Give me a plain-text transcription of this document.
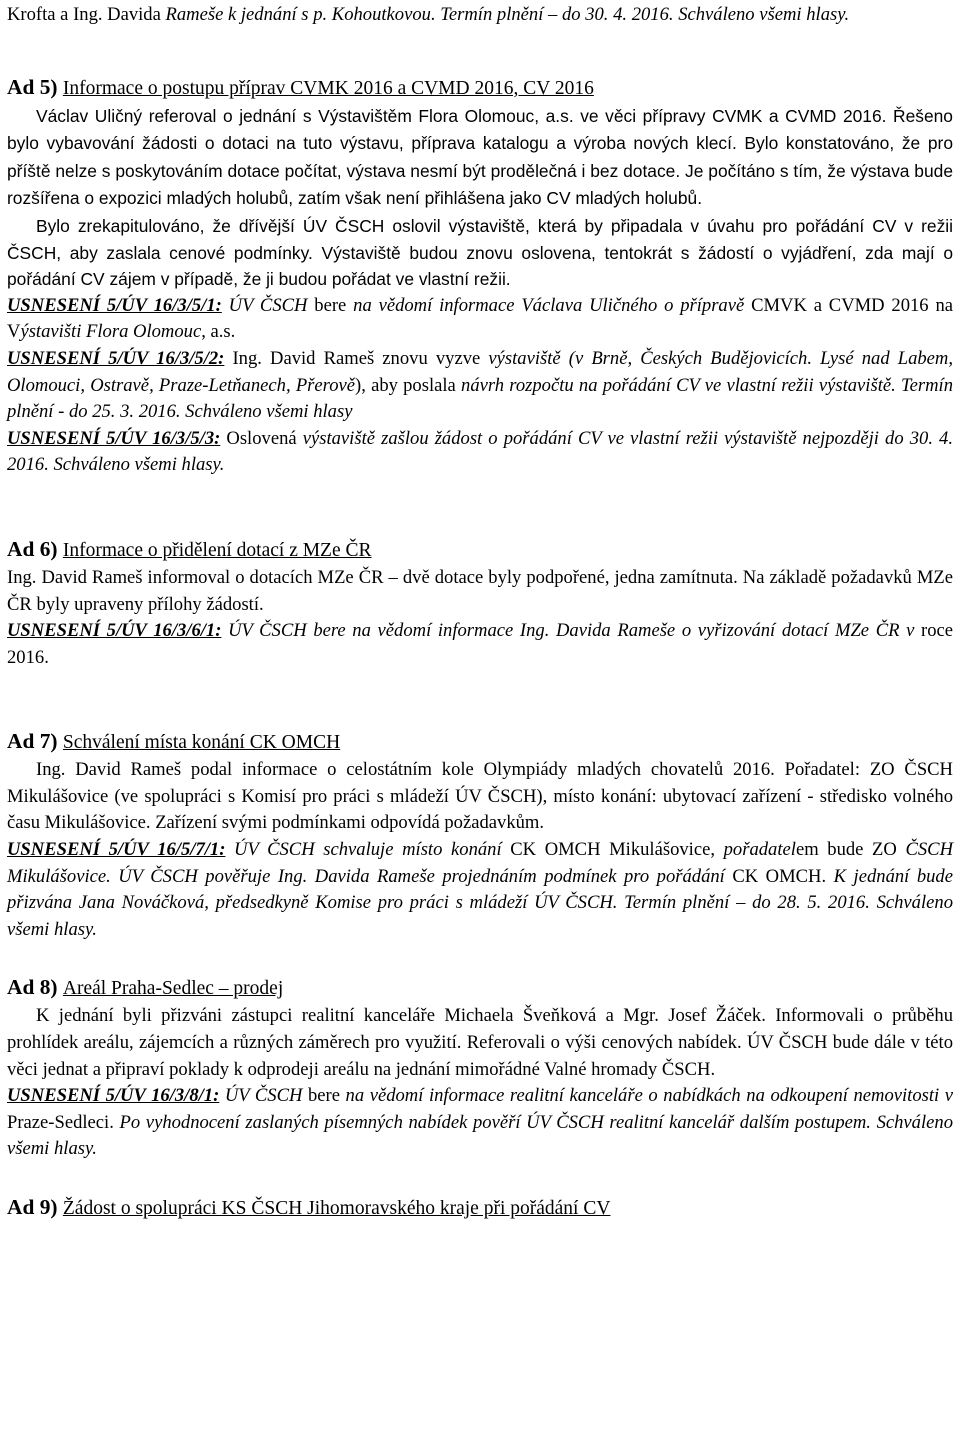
Krofta a Ing. Davida Rameše k jednání s p. Kohoutkovou. Termín plnění – do 30. 4. 2016. Schváleno všemi hlasy.

Ad 5) Informace o postupu příprav CVMK 2016 a CVMD 2016, CV 2016

Václav Uličný referoval o jednání s Výstavištěm Flora Olomouc, a.s. ve věci přípravy CVMK a CVMD 2016. Řešeno bylo vybavování žádosti o dotaci na tuto výstavu, příprava katalogu a výroba nových klecí. Bylo konstatováno, že pro příště nelze s poskytováním dotace počítat, výstava nesmí být prodělečná i bez dotace. Je počítáno s tím, že výstava bude rozšířena o expozici mladých holubů, zatím však není přihlášena jako CV mladých holubů.

Bylo zrekapitulováno, že dřívější ÚV ČSCH oslovil výstaviště, která by připadala v úvahu pro pořádání CV v režii ČSCH, aby zaslala cenové podmínky. Výstaviště budou znovu oslovena, tentokrát s žádostí o vyjádření, zda mají o pořádání CV zájem v případě, že ji budou pořádat ve vlastní režii.

USNESENÍ 5/ÚV 16/3/5/1: ÚV ČSCH bere na vědomí informace Václava Uličného o přípravě CMVK a CVMD 2016 na Výstavišti Flora Olomouc, a.s.

USNESENÍ 5/ÚV 16/3/5/2: Ing. David Rameš znovu vyzve výstaviště (v Brně, Českých Budějovicích. Lysé nad Labem, Olomouci, Ostravě, Praze-Letňanech, Přerově), aby poslala návrh rozpočtu na pořádání CV ve vlastní režii výstaviště. Termín plnění - do 25. 3. 2016. Schváleno všemi hlasy

USNESENÍ 5/ÚV 16/3/5/3: Oslovená výstaviště zašlou žádost o pořádání CV ve vlastní režii výstaviště nejpozději do 30. 4. 2016. Schváleno všemi hlasy.

Ad 6) Informace o přidělení dotací z MZe ČR

Ing. David Rameš informoval o dotacích MZe ČR – dvě dotace byly podpořené, jedna zamítnuta. Na základě požadavků MZe ČR byly upraveny přílohy žádostí.

USNESENÍ 5/ÚV 16/3/6/1: ÚV ČSCH bere na vědomí informace Ing. Davida Rameše o vyřizování dotací MZe ČR v roce 2016.

Ad 7) Schválení místa konání CK OMCH

Ing. David Rameš podal informace o celostátním kole Olympiády mladých chovatelů 2016. Pořadatel: ZO ČSCH Mikulášovice (ve spolupráci s Komisí pro práci s mládeží ÚV ČSCH), místo konání: ubytovací zařízení - středisko volného času Mikulášovice. Zařízení svými podmínkami odpovídá požadavkům.

USNESENÍ 5/ÚV 16/5/7/1: ÚV ČSCH schvaluje místo konání CK OMCH Mikulášovice, pořadatelem bude ZO ČSCH Mikulášovice. ÚV ČSCH pověřuje Ing. Davida Rameše projednáním podmínek pro pořádání CK OMCH. K jednání bude přizvána Jana Nováčková, předsedkyně Komise pro práci s mládeží ÚV ČSCH. Termín plnění – do 28. 5. 2016. Schváleno všemi hlasy.

Ad 8) Areál Praha-Sedlec – prodej

K jednání byli přizváni zástupci realitní kanceláře Michaela Švеňková a Mgr. Josef Žáček. Informovali o průběhu prohlídek areálu, zájemcích a různých záměrech pro využití. Referovali o výši cenových nabídek. ÚV ČSCH bude dále v této věci jednat a připraví poklady k odprodeji areálu na jednání mimořádné Valné hromady ČSCH.

USNESENÍ 5/ÚV 16/3/8/1: ÚV ČSCH bere na vědomí informace realitní kanceláře o nabídkách na odkoupení nemovitosti v Praze-Sedleci. Po vyhodnocení zaslaných písemných nabídek pověří ÚV ČSCH realitní kancelář dalším postupem. Schváleno všemi hlasy.

Ad 9) Žádost o spolupráci KS ČSCH Jihomoravského kraje při pořádání CV
